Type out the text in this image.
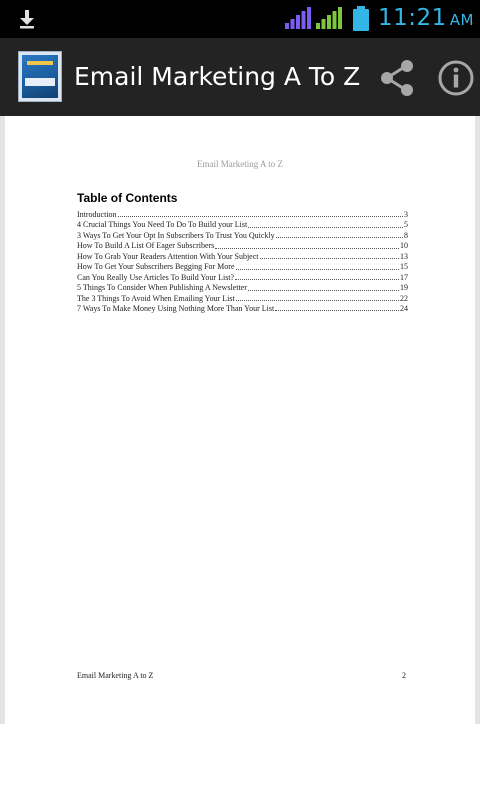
11:21 AM
Email Marketing A To Z
Email Marketing A to Z
Table of Contents
Introduction	3
4 Crucial Things You Need To Do To Build your List	5
3 Ways To Get Your Opt In Subscribers To Trust You Quickly	8
How To Build A List Of Eager Subscribers	10
How To Grab Your Readers Attention With Your Subject	13
How To Get Your Subscribers Begging For More	15
Can You Really Use Articles To Build Your List?	17
5 Things To Consider When Publishing A Newsletter	19
The 3 Things To Avoid When Emailing Your List	22
7 Ways To Make Money Using Nothing More Than Your List	24
Email Marketing A to Z	2
